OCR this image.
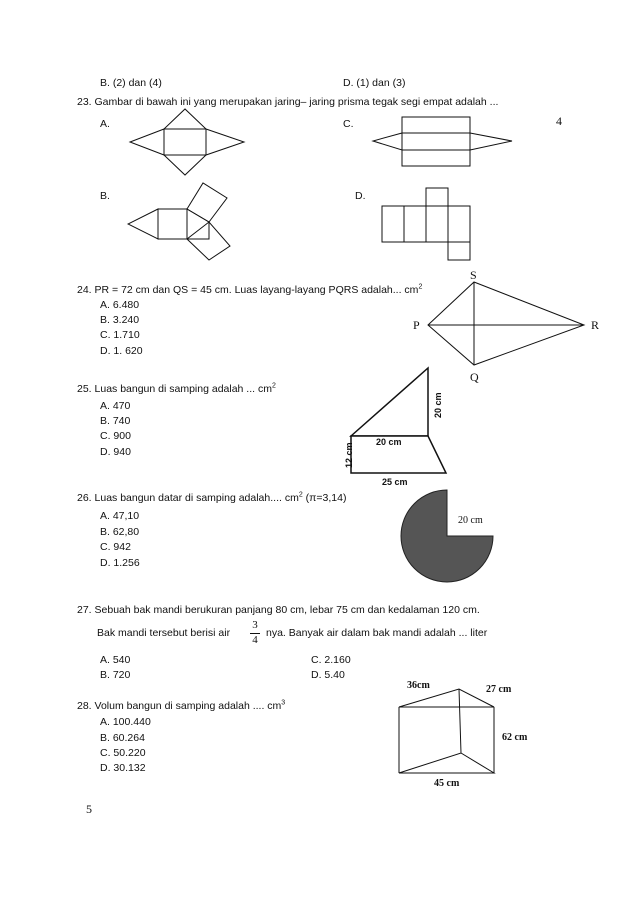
B. (2) dan (4)	D. (1) dan (3)
4
23. Gambar di bawah ini yang merupakan jaring– jaring prisma tegak segi empat adalah ...
A.	C.
B.	D.
24. PR = 72 cm dan QS = 45 cm. Luas layang-layang PQRS adalah... $cm^2$
A. 6.480
B. 3.240
C. 1.710
D. 1. 620
S
P	R
Q
25. Luas bangun di samping adalah ... $cm^2$
A. 470
B. 740
C. 900
D. 940
20 cm
20 cm
12 cm
25 cm
26. Luas bangun datar di samping adalah.... $cm^2$ (π=3,14)
A. 47,10
B. 62,80
C. 942
D. 1.256
20 cm
27. Sebuah bak mandi berukuran panjang 80 cm, lebar 75 cm dan kedalaman 120 cm.
Bak mandi tersebut berisi air
3
4
nya. Banyak air dalam bak mandi adalah ... liter
A. 540
B. 720
C. 2.160
D. 5.40
28. Volum bangun di samping adalah .... $cm^3$
A. 100.440
B. 60.264
C. 50.220
D. 30.132
36cm	27 cm
62 cm
45 cm
5
